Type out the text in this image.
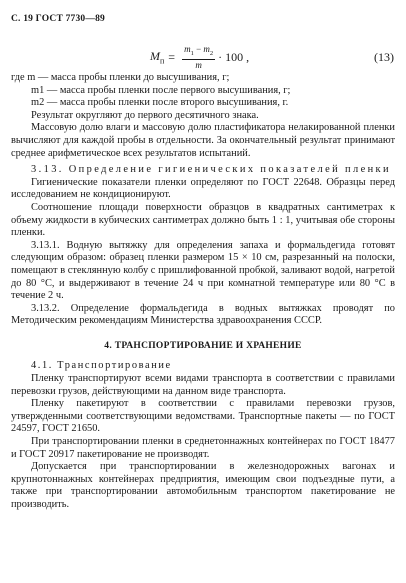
С. 19 ГОСТ 7730—89
$M_п = \frac{m_1 - m_2}{m} \cdot 100$ ,	(13)
где m — масса пробы пленки до высушивания, г;
m1 — масса пробы пленки после первого высушивания, г;
m2 — масса пробы пленки после второго высушивания, г.

Результат округляют до первого десятичного знака.

Массовую долю влаги и массовую долю пластификатора нелакированной пленки вычисляют для каждой пробы в отдельности. За окончательный результат принимают среднее арифметическое всех результатов испытаний.

3.13. Определение гигиенических показателей пленки

Гигиенические показатели пленки определяют по ГОСТ 22648. Образцы перед исследованием не кондиционируют.

Соотношение площади поверхности образцов в квадратных сантиметрах к объему жидкости в кубических сантиметрах должно быть 1 : 1, учитывая обе стороны пленки.

3.13.1. Водную вытяжку для определения запаха и формальдегида готовят следующим образом: образец пленки размером 15 × 10 см, разрезанный на полоски, помещают в стеклянную колбу с пришлифованной пробкой, заливают водой, нагретой до 80 °С, и выдерживают в течение 24 ч при комнатной температуре или 80 °С в течение 2 ч.

3.13.2. Определение формальдегида в водных вытяжках проводят по Методическим рекомендациям Министерства здравоохранения СССР.

4. ТРАНСПОРТИРОВАНИЕ И ХРАНЕНИЕ

4.1. Транспортирование

Пленку транспортируют всеми видами транспорта в соответствии с правилами перевозки грузов, действующими на данном виде транспорта.

Пленку пакетируют в соответствии с правилами перевозки грузов, утвержденными соответствующими ведомствами. Транспортные пакеты — по ГОСТ 24597, ГОСТ 21650.

При транспортировании пленки в среднетоннажных контейнерах по ГОСТ 18477 и ГОСТ 20917 пакетирование не производят.

Допускается при транспортировании в железнодорожных вагонах и крупнотоннажных контейнерах предприятия, имеющим свои подъездные пути, а также при транспортировании автомобильным транспортом пакетирование не производить.
